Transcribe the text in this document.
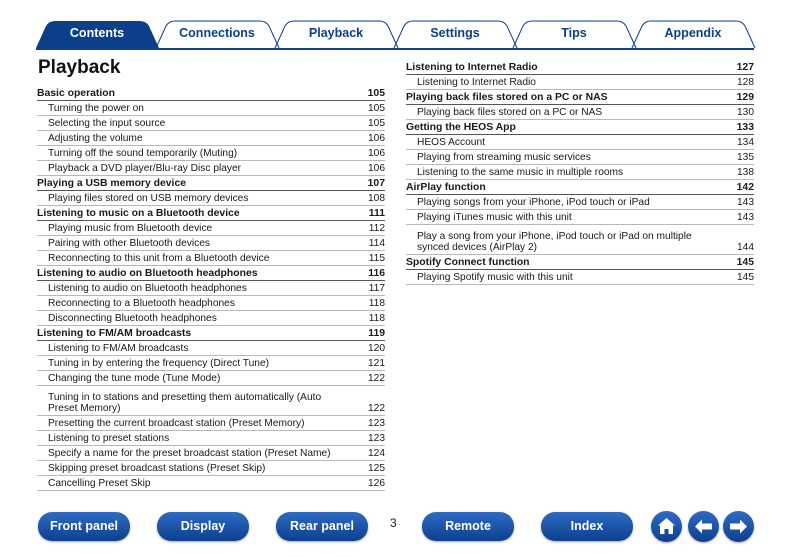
Contents	Connections	Playback	Settings	Tips	Appendix
Playback
Basic operation	105
Turning the power on	105
Selecting the input source	105
Adjusting the volume	106
Turning off the sound temporarily (Muting)	106
Playback a DVD player/Blu-ray Disc player	106
Playing a USB memory device	107
Playing files stored on USB memory devices	108
Listening to music on a Bluetooth device	111
Playing music from Bluetooth device	112
Pairing with other Bluetooth devices	114
Reconnecting to this unit from a Bluetooth device	115
Listening to audio on Bluetooth headphones	116
Listening to audio on Bluetooth headphones	117
Reconnecting to a Bluetooth headphones	118
Disconnecting Bluetooth headphones	118
Listening to FM/AM broadcasts	119
Listening to FM/AM broadcasts	120
Tuning in by entering the frequency (Direct Tune)	121
Changing the tune mode (Tune Mode)	122
Tuning in to stations and presetting them automatically (Auto Preset Memory)	122
Presetting the current broadcast station (Preset Memory)	123
Listening to preset stations	123
Specify a name for the preset broadcast station (Preset Name)	124
Skipping preset broadcast stations (Preset Skip)	125
Cancelling Preset Skip	126
Listening to Internet Radio	127
Listening to Internet Radio	128
Playing back files stored on a PC or NAS	129
Playing back files stored on a PC or NAS	130
Getting the HEOS App	133
HEOS Account	134
Playing from streaming music services	135
Listening to the same music in multiple rooms	138
AirPlay function	142
Playing songs from your iPhone, iPod touch or iPad	143
Playing iTunes music with this unit	143
Play a song from your iPhone, iPod touch or iPad on multiple synced devices (AirPlay 2)	144
Spotify Connect function	145
Playing Spotify music with this unit	145
Front panel	Display	Rear panel	3	Remote	Index
